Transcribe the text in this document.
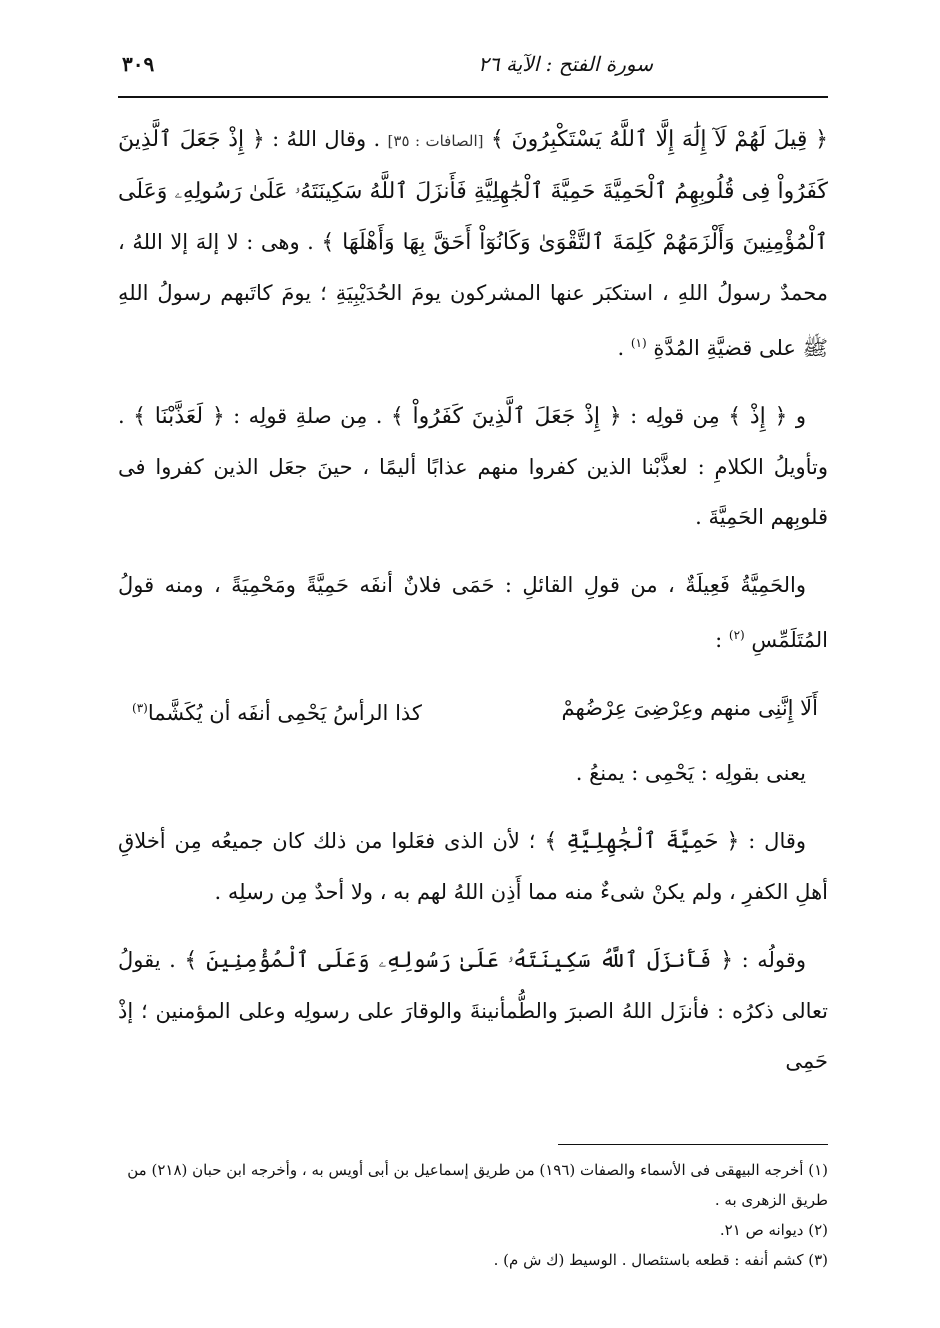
سورة الفتح : الآية ٢٦
٣٠٩

﴿ قِيلَ لَهُمْ لَآ إِلَٰهَ إِلَّا ٱللَّهُ يَسْتَكْبِرُونَ ﴾ [الصافات : ٣٥] . وقال اللهُ : ﴿ إِذْ جَعَلَ ٱلَّذِينَ كَفَرُواْ فِى قُلُوبِهِمُ ٱلْحَمِيَّةَ حَمِيَّةَ ٱلْجَٰهِلِيَّةِ فَأَنزَلَ ٱللَّهُ سَكِينَتَهُۥ عَلَىٰ رَسُولِهِۦ وَعَلَى ٱلْمُؤْمِنِينَ وَأَلْزَمَهُمْ كَلِمَةَ ٱلتَّقْوَىٰ وَكَانُوٓاْ أَحَقَّ بِهَا وَأَهْلَهَا ﴾ . وهى : لا إلهَ إلا اللهُ ، محمدٌ رسولُ اللهِ ، استكبَر عنها المشركون يومَ الحُدَيْبِيَةِ ؛ يومَ كاتَبهم رسولُ اللهِ ﷺ على قضيَّةِ المُدَّةِ $^{(١)}$ .

و ﴿ إِذْ ﴾ مِن قولِه : ﴿ إِذْ جَعَلَ ٱلَّذِينَ كَفَرُواْ ﴾ . مِن صلةِ قولِه : ﴿ لَعَذَّبْنَا ﴾ . وتأويلُ الكلامِ : لعذَّبْنا الذين كفروا منهم عذابًا أليمًا ، حينَ جعَل الذين كفروا فى قلوبِهم الحَمِيَّةَ .

والحَمِيَّةُ فَعِيلَةٌ ، من قولِ القائلِ : حَمَى فلانٌ أنفَه حَمِيَّةً ومَحْمِيَةً ، ومنه قولُ المُتَلَمِّسِ $^{(٢)}$ :

أَلَا إِنَّنِى منهم وعِرْضِىَ عِرْضُهمْ
كذا الرأسُ يَحْمِى أنفَه أن يُكَشَّما$^{(٣)}$

يعنى بقولِه : يَحْمِى : يمنعُ .

وقال : ﴿ حَمِيَّةَ ٱلْجَٰهِلِيَّةِ ﴾ ؛ لأن الذى فعَلوا من ذلك كان جميعُه مِن أخلاقِ أهلِ الكفرِ ، ولم يكنْ شىءٌ منه مما أَذِن اللهُ لهم به ، ولا أحدٌ مِن رسلِه .

وقولُه : ﴿ فَأَنزَلَ ٱللَّهُ سَكِينَتَهُۥ عَلَىٰ رَسُولِهِۦ وَعَلَى ٱلْمُؤْمِنِينَ ﴾ . يقولُ تعالى ذكرُه : فأنزَل اللهُ الصبرَ والطُّمأنينةَ والوقارَ على رسولِه وعلى المؤمنين ؛ إذْ حَمِى

(١) أخرجه البيهقى فى الأسماء والصفات (١٩٦) من طريق إسماعيل بن أبى أويس به ، وأخرجه ابن حبان (٢١٨) من طريق الزهرى به .

(٢) ديوانه ص ٢١.

(٣) كشم أنفه : قطعه باستئصال . الوسيط (ك ش م) .
